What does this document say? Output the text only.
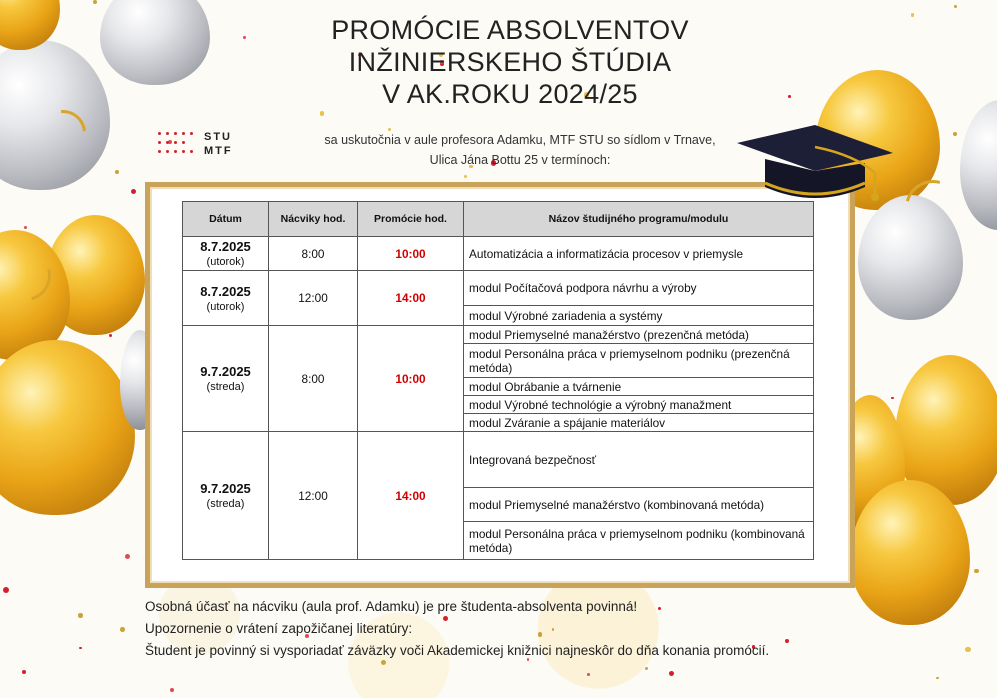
PROMÓCIE ABSOLVENTOV
INŽINIERSKEHO ŠTÚDIA
V AK.ROKU 2024/25
STU
MTF
sa uskutočnia v aule profesora Adamku, MTF STU so sídlom v Trnave,
Ulica Jána Bottu 25 v termínoch:
Dátum	Nácviky hod.	Promócie hod.	Názov študijného programu/modulu
8.7.2025
(utorok)	8:00	10:00	Automatizácia a informatizácia procesov v priemysle
8.7.2025
(utorok)	12:00	14:00	modul Počítačová podpora návrhu a výroby
			modul Výrobné zariadenia a systémy
9.7.2025
(streda)	8:00	10:00	modul Priemyselné manažérstvo (prezenčná metóda)
			modul Personálna práca v priemyselnom podniku (prezenčná metóda)
			modul Obrábanie a tvárnenie
			modul Výrobné technológie a výrobný manažment
			modul Zváranie a spájanie materiálov
9.7.2025
(streda)	12:00	14:00	Integrovaná bezpečnosť
			modul Priemyselné manažérstvo (kombinovaná metóda)
			modul Personálna práca v priemyselnom podniku (kombinovaná metóda)
Osobná účasť na nácviku (aula prof. Adamku) je pre študenta-absolventa povinná!
Upozornenie o vrátení zapožičanej literatúry:
Študent je povinný si vysporiadať záväzky voči Akademickej knižnici najneskôr do dňa konania promócií.
